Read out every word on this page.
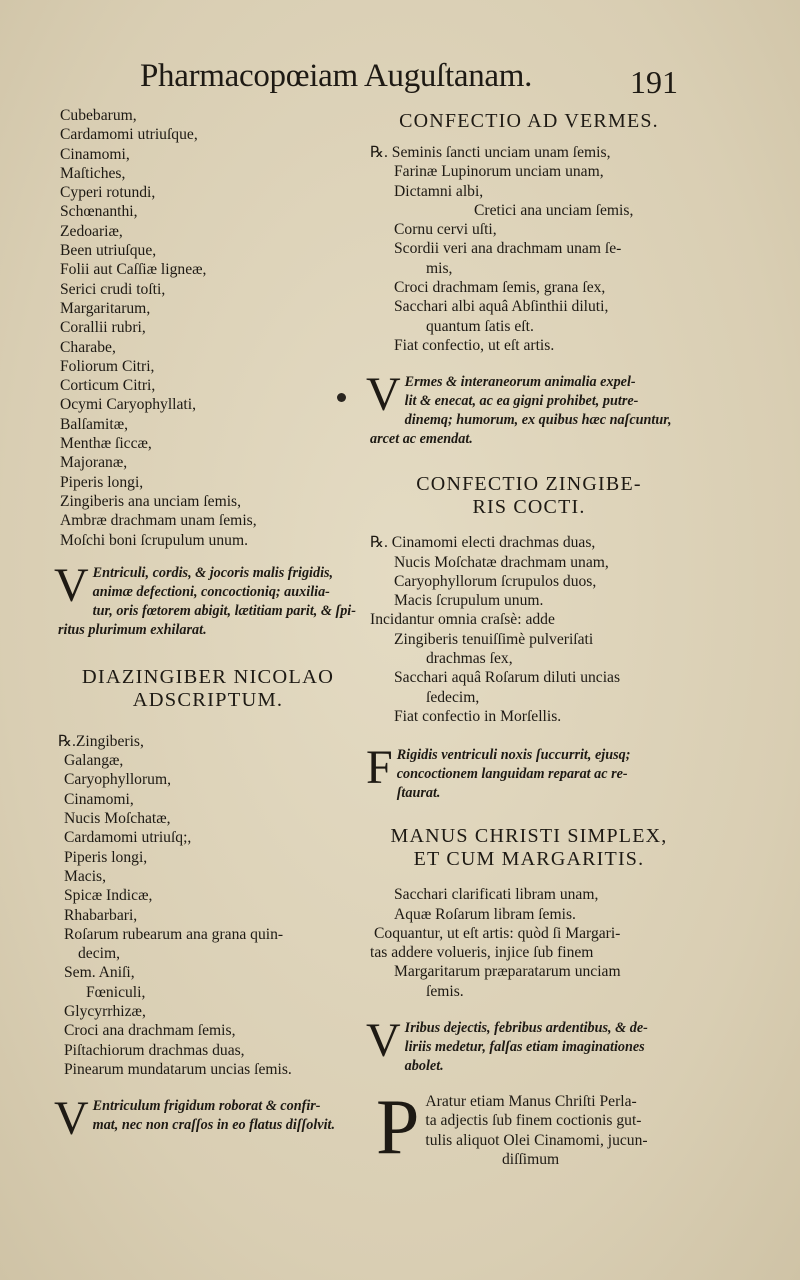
Pharmacopœiam Auguſtanam.	191
Cubebarum,
Cardamomi utriuſque,
Cinamomi,
Maſtiches,
Cyperi rotundi,
Schœnanthi,
Zedoariæ,
Been utriuſque,
Folii aut Caſſiæ ligneæ,
Serici crudi toſti,
Margaritarum,
Corallii rubri,
Charabe,
Foliorum Citri,
Corticum Citri,
Ocymi Caryophyllati,
Balſamitæ,
Menthæ ſiccæ,
Majoranæ,
Piperis longi,
Zingiberis ana unciam ſemis,
Ambræ drachmam unam ſemis,
Moſchi boni ſcrupulum unum.
V Entriculi, cordis, & jocoris malis frigidis,
animæ defectioni, concoctioniq; auxilia-
tur, oris fœtorem abigit, lætitiam parit, & ſpi-
ritus plurimum exhilarat.
DIAZINGIBER NICOLAO
ADSCRIPTUM.
℞.Zingiberis,
Galangæ,
Caryophyllorum,
Cinamomi,
Nucis Moſchatæ,
Cardamomi utriuſq;,
Piperis longi,
Macis,
Spicæ Indicæ,
Rhabarbari,
Roſarum rubearum ana grana quin-
decim,
Sem. Aniſi,
Fœniculi,
Glycyrrhizæ,
Croci ana drachmam ſemis,
Piſtachiorum drachmas duas,
Pinearum mundatarum uncias ſemis.
V Entriculum frigidum roborat & confir-
mat, nec non craſſos in eo flatus diſſolvit.
CONFECTIO AD VERMES.
℞. Seminis ſancti unciam unam ſemis,
Farinæ Lupinorum unciam unam,
Dictamni albi,
Cretici ana unciam ſemis,
Cornu cervi uſti,
Scordii veri ana drachmam unam ſe-
mis,
Croci drachmam ſemis, grana ſex,
Sacchari albi aquâ Abſinthii diluti,
quantum ſatis eſt.
Fiat confectio, ut eſt artis.
V Ermes & interaneorum animalia expel-
lit & enecat, ac ea gigni prohibet, putre-
dinemq; humorum, ex quibus hæc naſcuntur,
arcet ac emendat.
CONFECTIO ZINGIBE-
RIS COCTI.
℞. Cinamomi electi drachmas duas,
Nucis Moſchatæ drachmam unam,
Caryophyllorum ſcrupulos duos,
Macis ſcrupulum unum.
Incidantur omnia craſsè: adde
Zingiberis tenuiſſimè pulveriſati
drachmas ſex,
Sacchari aquâ Roſarum diluti uncias
ſedecim,
Fiat confectio in Morſellis.
F Rigidis ventriculi noxis ſuccurrit, ejusq;
concoctionem languidam reparat ac re-
ſtaurat.
MANUS CHRISTI SIMPLEX,
ET CUM MARGARITIS.
Sacchari clarificati libram unam,
Aquæ Roſarum libram ſemis.
Coquantur, ut eſt artis: quòd ſi Margari-
tas addere volueris, injice ſub finem
Margaritarum præparatarum unciam
ſemis.
V Iribus dejectis, febribus ardentibus, & de-
liriis medetur, falſas etiam imaginationes
abolet.
P Aratur etiam Manus Chriſti Perla-
ta adjectis ſub finem coctionis gut-
tulis aliquot Olei Cinamomi, jucun-
diſſimum
